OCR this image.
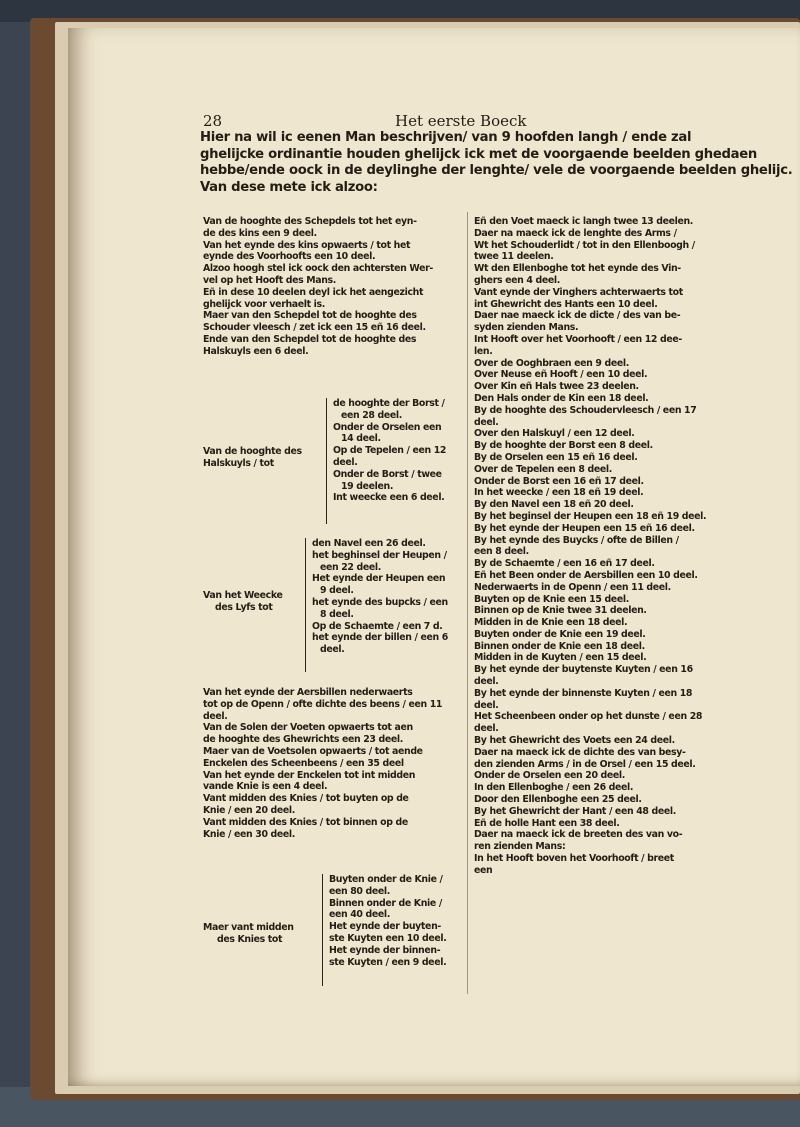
28	Het eerste Boeck

Hier na wil ic eenen Man beschrijven/ van 9 hoofden langh / ende zal

ghelijcke ordinantie houden ghelijck ick met de voorgaende beelden ghedaen

hebbe/ende oock in de deylinghe der lenghte/ vele de voorgaende beelden ghelijc.

Van dese mete ick alzoo:

Van de hooghte des Schepdels tot het eyn-

de des kins een 9 deel.

Van het eynde des kins opwaerts / tot het

eynde des Voorhoofts een 10 deel.

Alzoo hoogh stel ick oock den achtersten Wer-

vel op het Hooft des Mans.

Eñ in dese 10 deelen deyl ick het aengezicht

ghelijck voor verhaelt is.

Maer van den Schepdel tot de hooghte des

Schouder vleesch / zet ick een 15 eñ 16 deel.

Ende van den Schepdel tot de hooghte des

Halskuyls een 6 deel.

Van de hooghte des

Halskuyls / tot

de hooghte der Borst /

een 28 deel.

Onder de Orselen een

14 deel.

Op de Tepelen / een 12

deel.

Onder de Borst / twee

19 deelen.

Int weecke een 6 deel.

Van het Weecke

des Lyfs tot

den Navel een 26 deel.

het beghinsel der Heupen /

een 22 deel.

Het eynde der Heupen een

9 deel.

het eynde des bupcks / een

8 deel.

Op de Schaemte / een 7 d.

het eynde der billen / een 6

deel.

Van het eynde der Aersbillen nederwaerts

tot op de Openn / ofte dichte des beens / een 11

deel.

Van de Solen der Voeten opwaerts tot aen

de hooghte des Ghewrichts een 23 deel.

Maer van de Voetsolen opwaerts / tot aende

Enckelen des Scheenbeens / een 35 deel

Van het eynde der Enckelen tot int midden

vande Knie is een 4 deel.

Vant midden des Knies / tot buyten op de

Knie / een 20 deel.

Vant midden des Knies / tot binnen op de

Knie / een 30 deel.

Maer vant midden

des Knies tot

Buyten onder de Knie /

een 80 deel.

Binnen onder de Knie /

een 40 deel.

Het eynde der buyten-

ste Kuyten een 10 deel.

Het eynde der binnen-

ste Kuyten / een 9 deel.

Eñ den Voet maeck ic langh twee 13 deelen.

Daer na maeck ick de lenghte des Arms /

Wt het Schouderlidt / tot in den Ellenboogh /

twee 11 deelen.

Wt den Ellenboghe tot het eynde des Vin-

ghers een 4 deel.

Vant eynde der Vinghers achterwaerts tot

int Ghewricht des Hants een 10 deel.

Daer nae maeck ick de dicte / des van be-

syden zienden Mans.

Int Hooft over het Voorhooft / een 12 dee-

len.

Over de Ooghbraen een 9 deel.

Over Neuse eñ Hooft / een 10 deel.

Over Kin eñ Hals twee 23 deelen.

Den Hals onder de Kin een 18 deel.

By de hooghte des Schoudervleesch / een 17

deel.

Over den Halskuyl / een 12 deel.

By de hooghte der Borst een 8 deel.

By de Orselen een 15 eñ 16 deel.

Over de Tepelen een 8 deel.

Onder de Borst een 16 eñ 17 deel.

In het weecke / een 18 eñ 19 deel.

By den Navel een 18 eñ 20 deel.

By het beginsel der Heupen een 18 eñ 19 deel.

By het eynde der Heupen een 15 eñ 16 deel.

By het eynde des Buycks / ofte de Billen /

een 8 deel.

By de Schaemte / een 16 eñ 17 deel.

Eñ het Been onder de Aersbillen een 10 deel.

Nederwaerts in de Openn / een 11 deel.

Buyten op de Knie een 15 deel.

Binnen op de Knie twee 31 deelen.

Midden in de Knie een 18 deel.

Buyten onder de Knie een 19 deel.

Binnen onder de Knie een 18 deel.

Midden in de Kuyten / een 15 deel.

By het eynde der buytenste Kuyten / een 16

deel.

By het eynde der binnenste Kuyten / een 18

deel.

Het Scheenbeen onder op het dunste / een 28

deel.

By het Ghewricht des Voets een 24 deel.

Daer na maeck ick de dichte des van besy-

den zienden Arms / in de Orsel / een 15 deel.

Onder de Orselen een 20 deel.

In den Ellenboghe / een 26 deel.

Door den Ellenboghe een 25 deel.

By het Ghewricht der Hant / een 48 deel.

Eñ de holle Hant een 38 deel.

Daer na maeck ick de breeten des van vo-

ren zienden Mans:

In het Hooft boven het Voorhooft / breet

een
